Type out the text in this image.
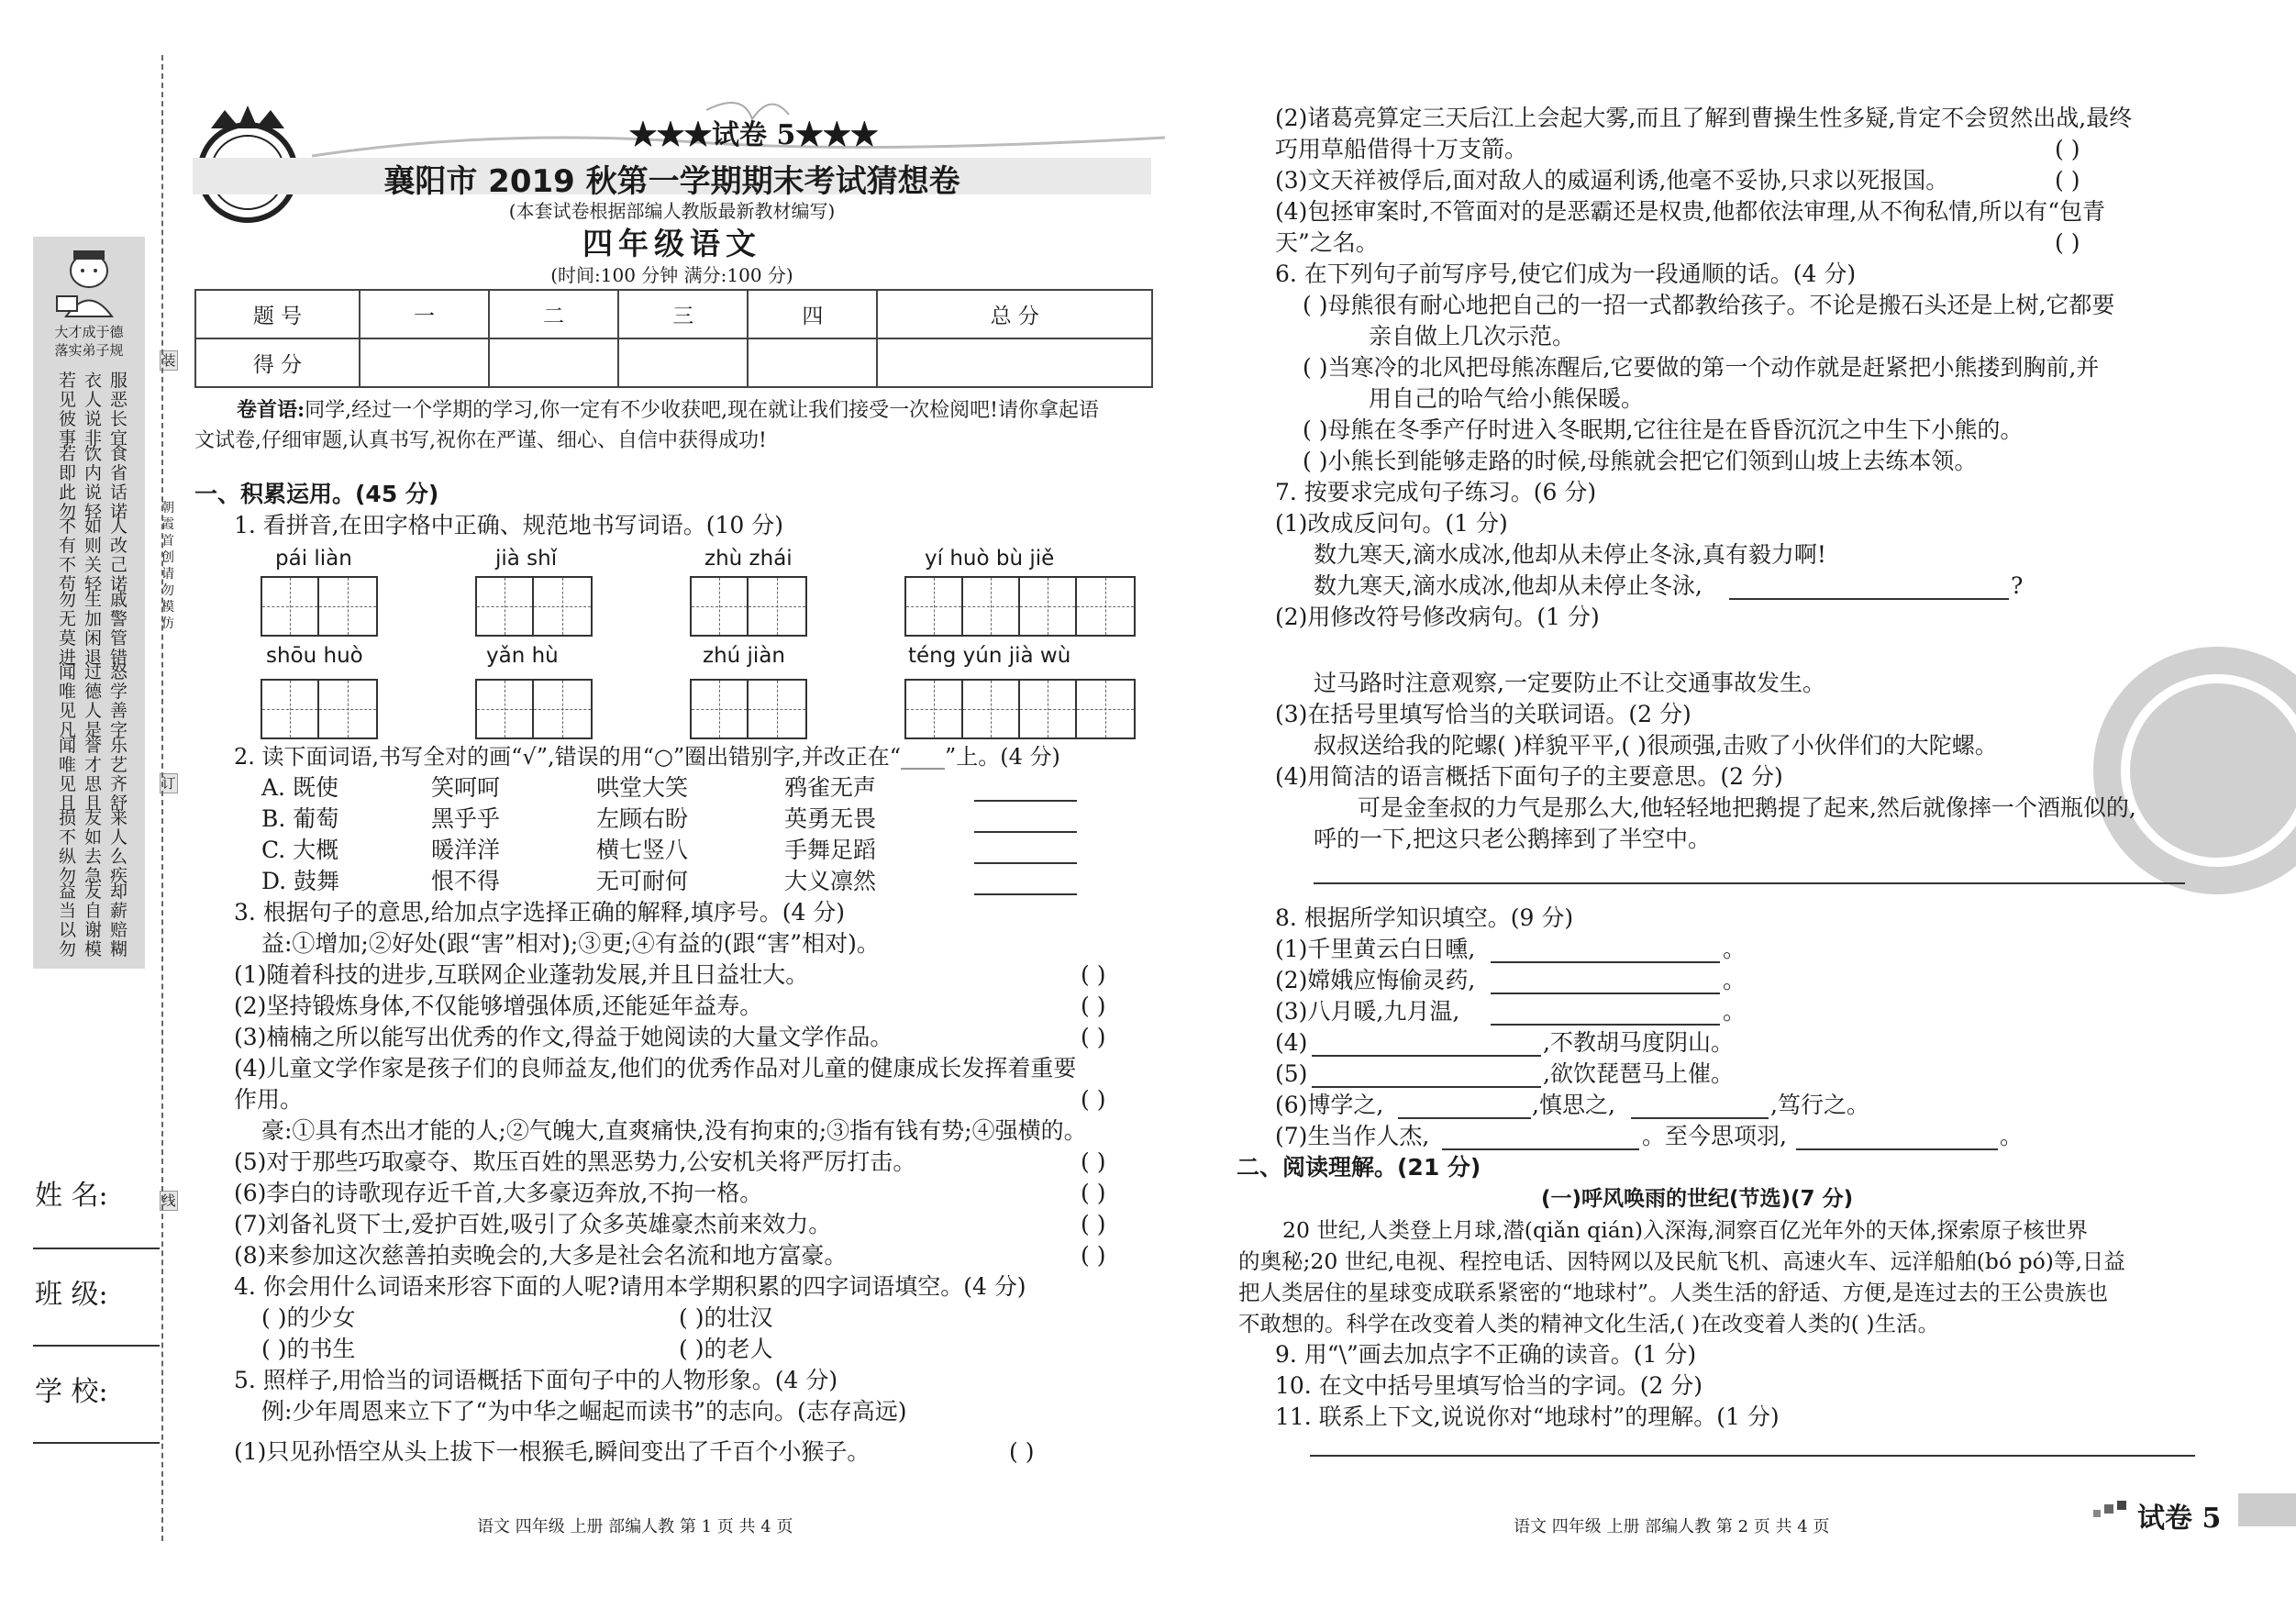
大才成于德
落实弟子规
若见彼事
衣人说非
服恶长宜
若即此勿
饮内说轻
食省话诺
不有不苟
如则关轻
人改己诺
勿无莫进
生加闲退
戚警管错
闻唯见凡
过德人是
怒学善字
闻唯见且
誉才思且
乐艺齐舒
损不纵勿
友如去急
来人么疾
益当以勿
友自谢模
却薪赔糊
装
朝霞首创请勿模仿
订
线
姓 名:
班 级:
学 校:
★★★试卷 5★★★
襄阳市 2019 秋第一学期期末考试猜想卷
(本套试卷根据部编人教版最新教材编写)
四年级语文
(时间:100 分钟 满分:100 分)
题 号	一	二	三	四	总 分
得 分					
卷首语:同学,经过一个学期的学习,你一定有不少收获吧,现在就让我们接受一次检阅吧!请你拿起语
文试卷,仔细审题,认真书写,祝你在严谨、细心、自信中获得成功!
一、积累运用。(45 分)
1. 看拼音,在田字格中正确、规范地书写词语。(10 分)
pái liàn	jià shǐ	zhù zhái	yí huò bù jiě
shōu huò	yǎn hù	zhú jiàn	téng yún jià wù
2. 读下面词语,书写全对的画“√”,错误的用“○”圈出错别字,并改正在“____”上。(4 分)
A. 既使	笑呵呵	哄堂大笑	鸦雀无声
B. 葡萄	黑乎乎	左顾右盼	英勇无畏
C. 大概	暖洋洋	横七竖八	手舞足蹈
D. 鼓舞	恨不得	无可耐何	大义凛然
3. 根据句子的意思,给加点字选择正确的解释,填序号。(4 分)
益:①增加;②好处(跟“害”相对);③更;④有益的(跟“害”相对)。
(1)随着科技的进步,互联网企业蓬勃发展,并且日益壮大。	( )
(2)坚持锻炼身体,不仅能够增强体质,还能延年益寿。	( )
(3)楠楠之所以能写出优秀的作文,得益于她阅读的大量文学作品。	( )
(4)儿童文学作家是孩子们的良师益友,他们的优秀作品对儿童的健康成长发挥着重要
作用。	( )
豪:①具有杰出才能的人;②气魄大,直爽痛快,没有拘束的;③指有钱有势;④强横的。
(5)对于那些巧取豪夺、欺压百姓的黑恶势力,公安机关将严厉打击。	( )
(6)李白的诗歌现存近千首,大多豪迈奔放,不拘一格。	( )
(7)刘备礼贤下士,爱护百姓,吸引了众多英雄豪杰前来效力。	( )
(8)来参加这次慈善拍卖晚会的,大多是社会名流和地方富豪。	( )
4. 你会用什么词语来形容下面的人呢?请用本学期积累的四字词语填空。(4 分)
( )的少女	( )的壮汉
( )的书生	( )的老人
5. 照样子,用恰当的词语概括下面句子中的人物形象。(4 分)
例:少年周恩来立下了“为中华之崛起而读书”的志向。(志存高远)
(1)只见孙悟空从头上拔下一根猴毛,瞬间变出了千百个小猴子。	( )
语文 四年级 上册 部编人教 第 1 页 共 4 页
(2)诸葛亮算定三天后江上会起大雾,而且了解到曹操生性多疑,肯定不会贸然出战,最终
巧用草船借得十万支箭。	( )
(3)文天祥被俘后,面对敌人的威逼利诱,他毫不妥协,只求以死报国。	( )
(4)包拯审案时,不管面对的是恶霸还是权贵,他都依法审理,从不徇私情,所以有“包青
天”之名。	( )
6. 在下列句子前写序号,使它们成为一段通顺的话。(4 分)
( )母熊很有耐心地把自己的一招一式都教给孩子。不论是搬石头还是上树,它都要
亲自做上几次示范。
( )当寒冷的北风把母熊冻醒后,它要做的第一个动作就是赶紧把小熊搂到胸前,并
用自己的哈气给小熊保暖。
( )母熊在冬季产仔时进入冬眠期,它往往是在昏昏沉沉之中生下小熊的。
( )小熊长到能够走路的时候,母熊就会把它们领到山坡上去练本领。
7. 按要求完成句子练习。(6 分)
(1)改成反问句。(1 分)
数九寒天,滴水成冰,他却从未停止冬泳,真有毅力啊!
数九寒天,滴水成冰,他却从未停止冬泳,	?
(2)用修改符号修改病句。(1 分)
过马路时注意观察,一定要防止不让交通事故发生。
(3)在括号里填写恰当的关联词语。(2 分)
叔叔送给我的陀螺( )样貌平平,( )很顽强,击败了小伙伴们的大陀螺。
(4)用简洁的语言概括下面句子的主要意思。(2 分)
可是金奎叔的力气是那么大,他轻轻地把鹅提了起来,然后就像摔一个酒瓶似的,
呼的一下,把这只老公鹅摔到了半空中。
8. 根据所学知识填空。(9 分)
(1)千里黄云白日曛,	。
(2)嫦娥应悔偷灵药,	。
(3)八月暖,九月温,	。
(4)	,不教胡马度阴山。
(5)	,欲饮琵琶马上催。
(6)博学之,	,慎思之,	,笃行之。
(7)生当作人杰,	。至今思项羽,	。
二、阅读理解。(21 分)
(一)呼风唤雨的世纪(节选)(7 分)
20 世纪,人类登上月球,潜(qiǎn qián)入深海,洞察百亿光年外的天体,探索原子核世界
的奥秘;20 世纪,电视、程控电话、因特网以及民航飞机、高速火车、远洋船舶(bó pó)等,日益
把人类居住的星球变成联系紧密的“地球村”。人类生活的舒适、方便,是连过去的王公贵族也
不敢想的。科学在改变着人类的精神文化生活,( )在改变着人类的( )生活。
9. 用“\”画去加点字不正确的读音。(1 分)
10. 在文中括号里填写恰当的字词。(2 分)
11. 联系上下文,说说你对“地球村”的理解。(1 分)
语文 四年级 上册 部编人教 第 2 页 共 4 页	试卷 5
